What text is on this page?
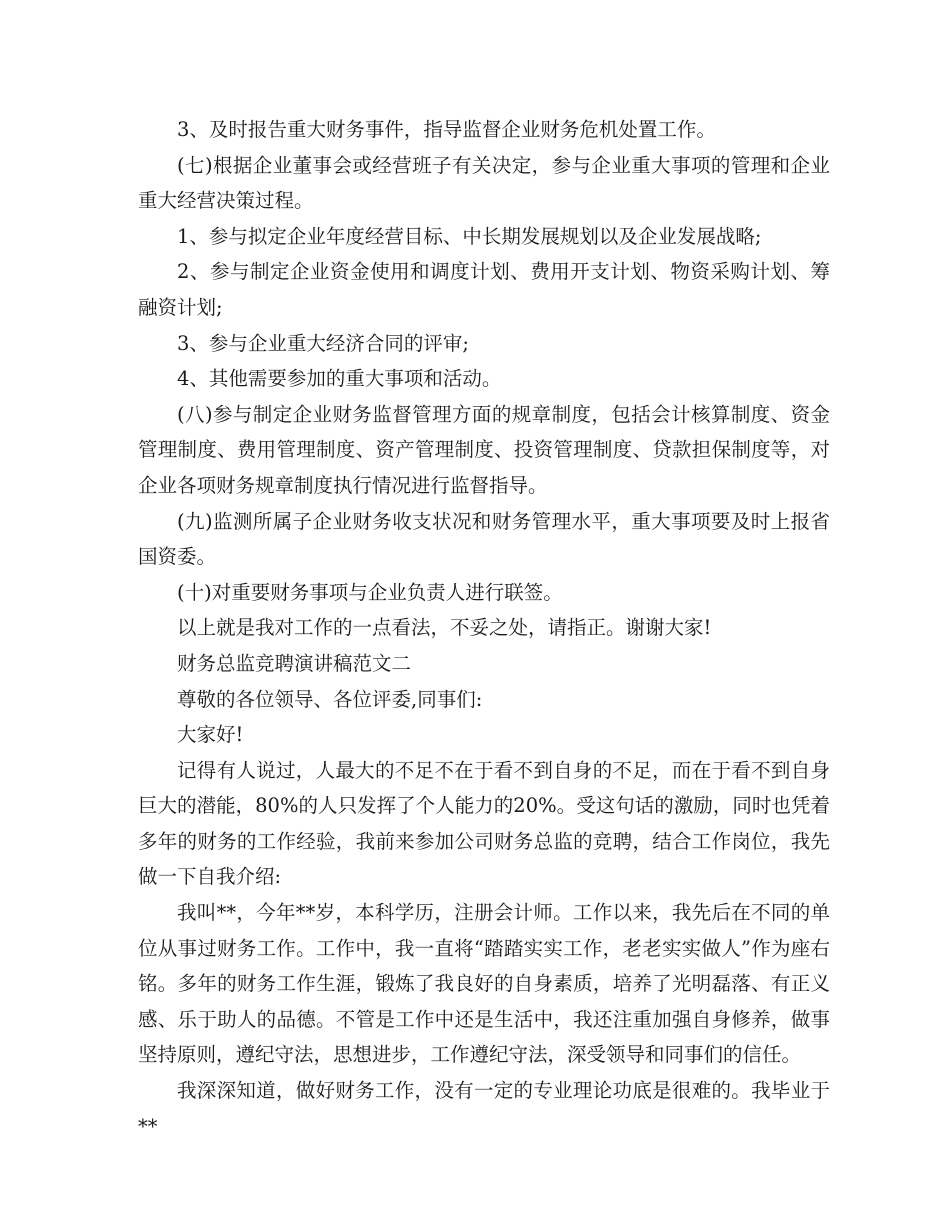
3、及时报告重大财务事件，指导监督企业财务危机处置工作。

(七)根据企业董事会或经营班子有关决定，参与企业重大事项的管理和企业重大经营决策过程。

1、参与拟定企业年度经营目标、中长期发展规划以及企业发展战略;

2、参与制定企业资金使用和调度计划、费用开支计划、物资采购计划、筹融资计划;

3、参与企业重大经济合同的评审;

4、其他需要参加的重大事项和活动。

(八)参与制定企业财务监督管理方面的规章制度，包括会计核算制度、资金管理制度、费用管理制度、资产管理制度、投资管理制度、贷款担保制度等，对企业各项财务规章制度执行情况进行监督指导。

(九)监测所属子企业财务收支状况和财务管理水平，重大事项要及时上报省国资委。

(十)对重要财务事项与企业负责人进行联签。

以上就是我对工作的一点看法，不妥之处，请指正。谢谢大家!

财务总监竞聘演讲稿范文二

尊敬的各位领导、各位评委,同事们:

大家好!

记得有人说过，人最大的不足不在于看不到自身的不足，而在于看不到自身巨大的潜能，80%的人只发挥了个人能力的20%。受这句话的激励，同时也凭着多年的财务的工作经验，我前来参加公司财务总监的竞聘，结合工作岗位，我先做一下自我介绍:

我叫**，今年**岁，本科学历，注册会计师。工作以来，我先后在不同的单位从事过财务工作。工作中，我一直将“踏踏实实工作，老老实实做人”作为座右铭。多年的财务工作生涯，锻炼了我良好的自身素质，培养了光明磊落、有正义感、乐于助人的品德。不管是工作中还是生活中，我还注重加强自身修养，做事坚持原则，遵纪守法，思想进步，工作遵纪守法，深受领导和同事们的信任。

我深深知道，做好财务工作，没有一定的专业理论功底是很难的。我毕业于**
